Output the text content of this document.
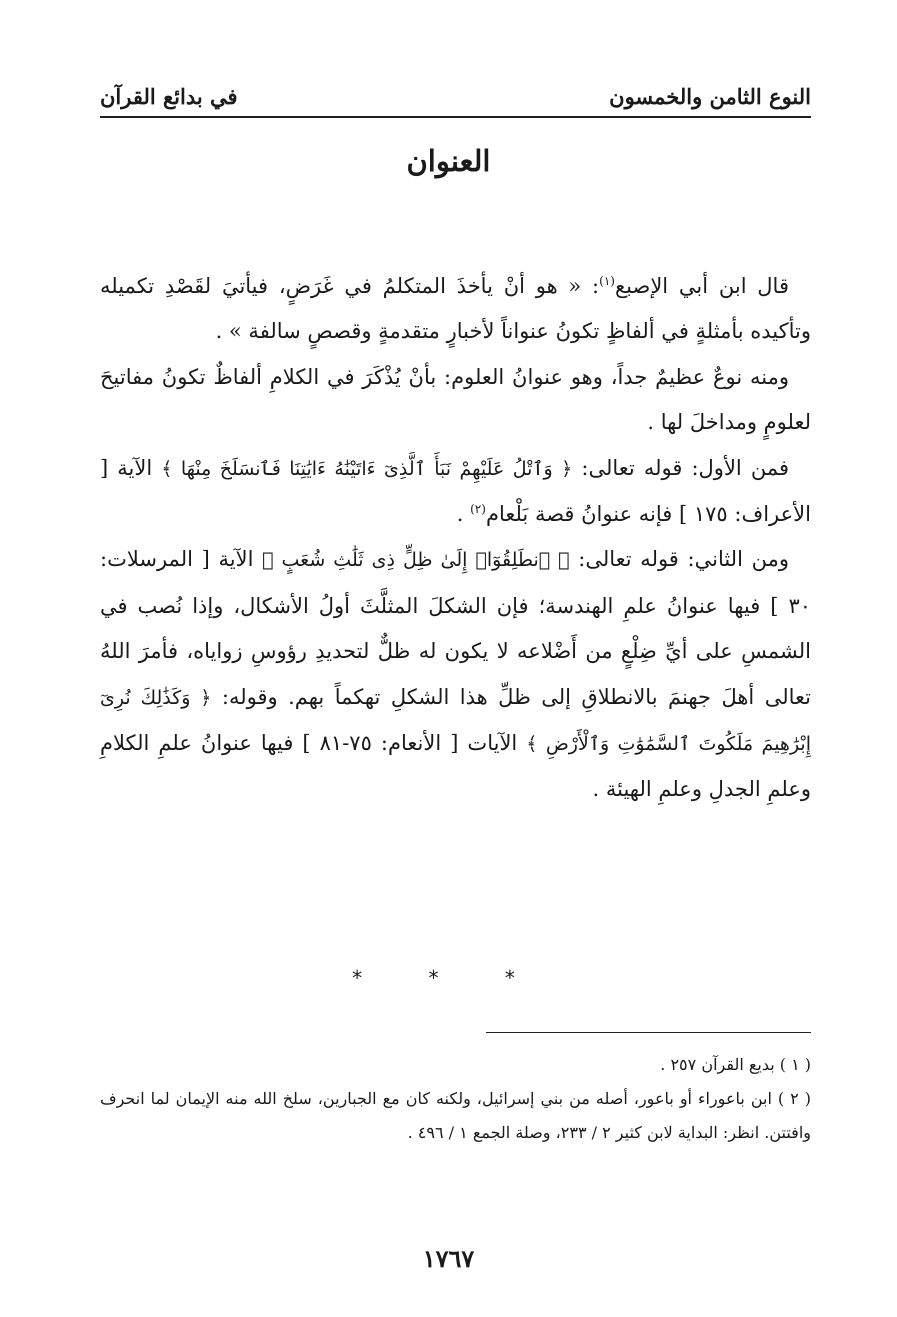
النوع الثامن والخمسون
في بدائع القرآن
العنوان

قال ابن أبي الإصبع$^{(١)}$: « هو أنْ يأخذَ المتكلمُ في غَرَضٍ، فيأتيَ لقَصْدِ تكميله وتأكيده بأمثلةٍ في ألفاظٍ تكونُ عنواناً لأخبارٍ متقدمةٍ وقصصٍ سالفة » .

ومنه نوعٌ عظيمٌ جداً، وهو عنوانُ العلوم: بأنْ يُذْكَرَ في الكلامِ ألفاظٌ تكونُ مفاتيحَ لعلومٍ ومداخلَ لها .

فمن الأول: قوله تعالى: ﴿ وَٱتْلُ عَلَيْهِمْ نَبَأَ ٱلَّذِىٓ ءَاتَيْنَٰهُ ءَايَٰتِنَا فَٱنسَلَخَ مِنْهَا ﴾ الآية [ الأعراف: ١٧٥ ] فإنه عنوانُ قصة بَلْعام$^{(٢)}$ .

ومن الثاني: قوله تعالى: ﴿ ٱنطَلِقُوٓا۟ إِلَىٰ ظِلٍّ ذِى ثَلَٰثِ شُعَبٍ ﴾ الآية [ المرسلات: ٣٠ ] فيها عنوانُ علمِ الهندسة؛ فإن الشكلَ المثلَّثَ أولُ الأشكال، وإذا نُصب في الشمسِ على أيِّ ضِلْعٍ من أَضْلاعه لا يكون له ظلٌّ لتحديدِ رؤوسِ زواياه، فأمرَ اللهُ تعالى أهلَ جهنمَ بالانطلاقِ إلى ظلِّ هذا الشكلِ تهكماً بهم. وقوله: ﴿ وَكَذَٰلِكَ نُرِىٓ إِبْرَٰهِيمَ مَلَكُوتَ ٱلسَّمَٰوَٰتِ وَٱلْأَرْضِ ﴾ الآيات [ الأنعام: ٧٥-٨١ ] فيها عنوانُ علمِ الكلامِ وعلمِ الجدلِ وعلمِ الهيئة .

* * *

( ١ ) بديع القرآن ٢٥٧ .

( ٢ ) ابن باعوراء أو باعور، أصله من بني إسرائيل، ولكنه كان مع الجبارين، سلخ الله منه الإيمان لما انحرف وافتتن. انظر: البداية لابن كثير ٢ / ٢٣٣، وصلة الجمع ١ / ٤٩٦ .

١٧٦٧
